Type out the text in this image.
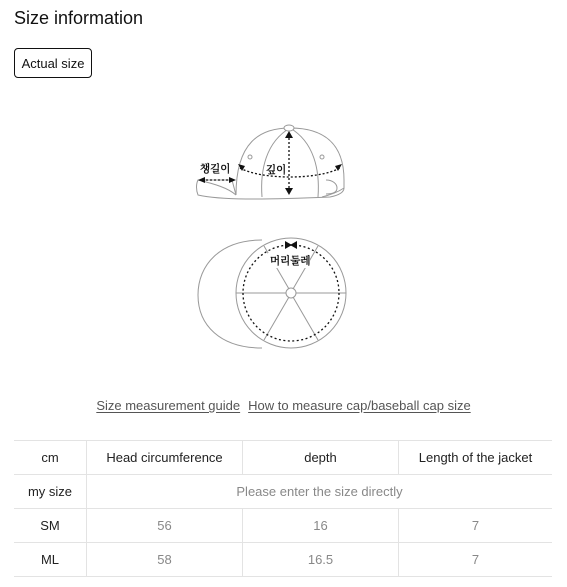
Size information
Actual size
챙길이	깊이
머리둘레
Size measurement guide How to measure cap/baseball cap size
cm	Head circumference	depth	Length of the jacket
my size	Please enter the size directly		
SM	56	16	7
ML	58	16.5	7
